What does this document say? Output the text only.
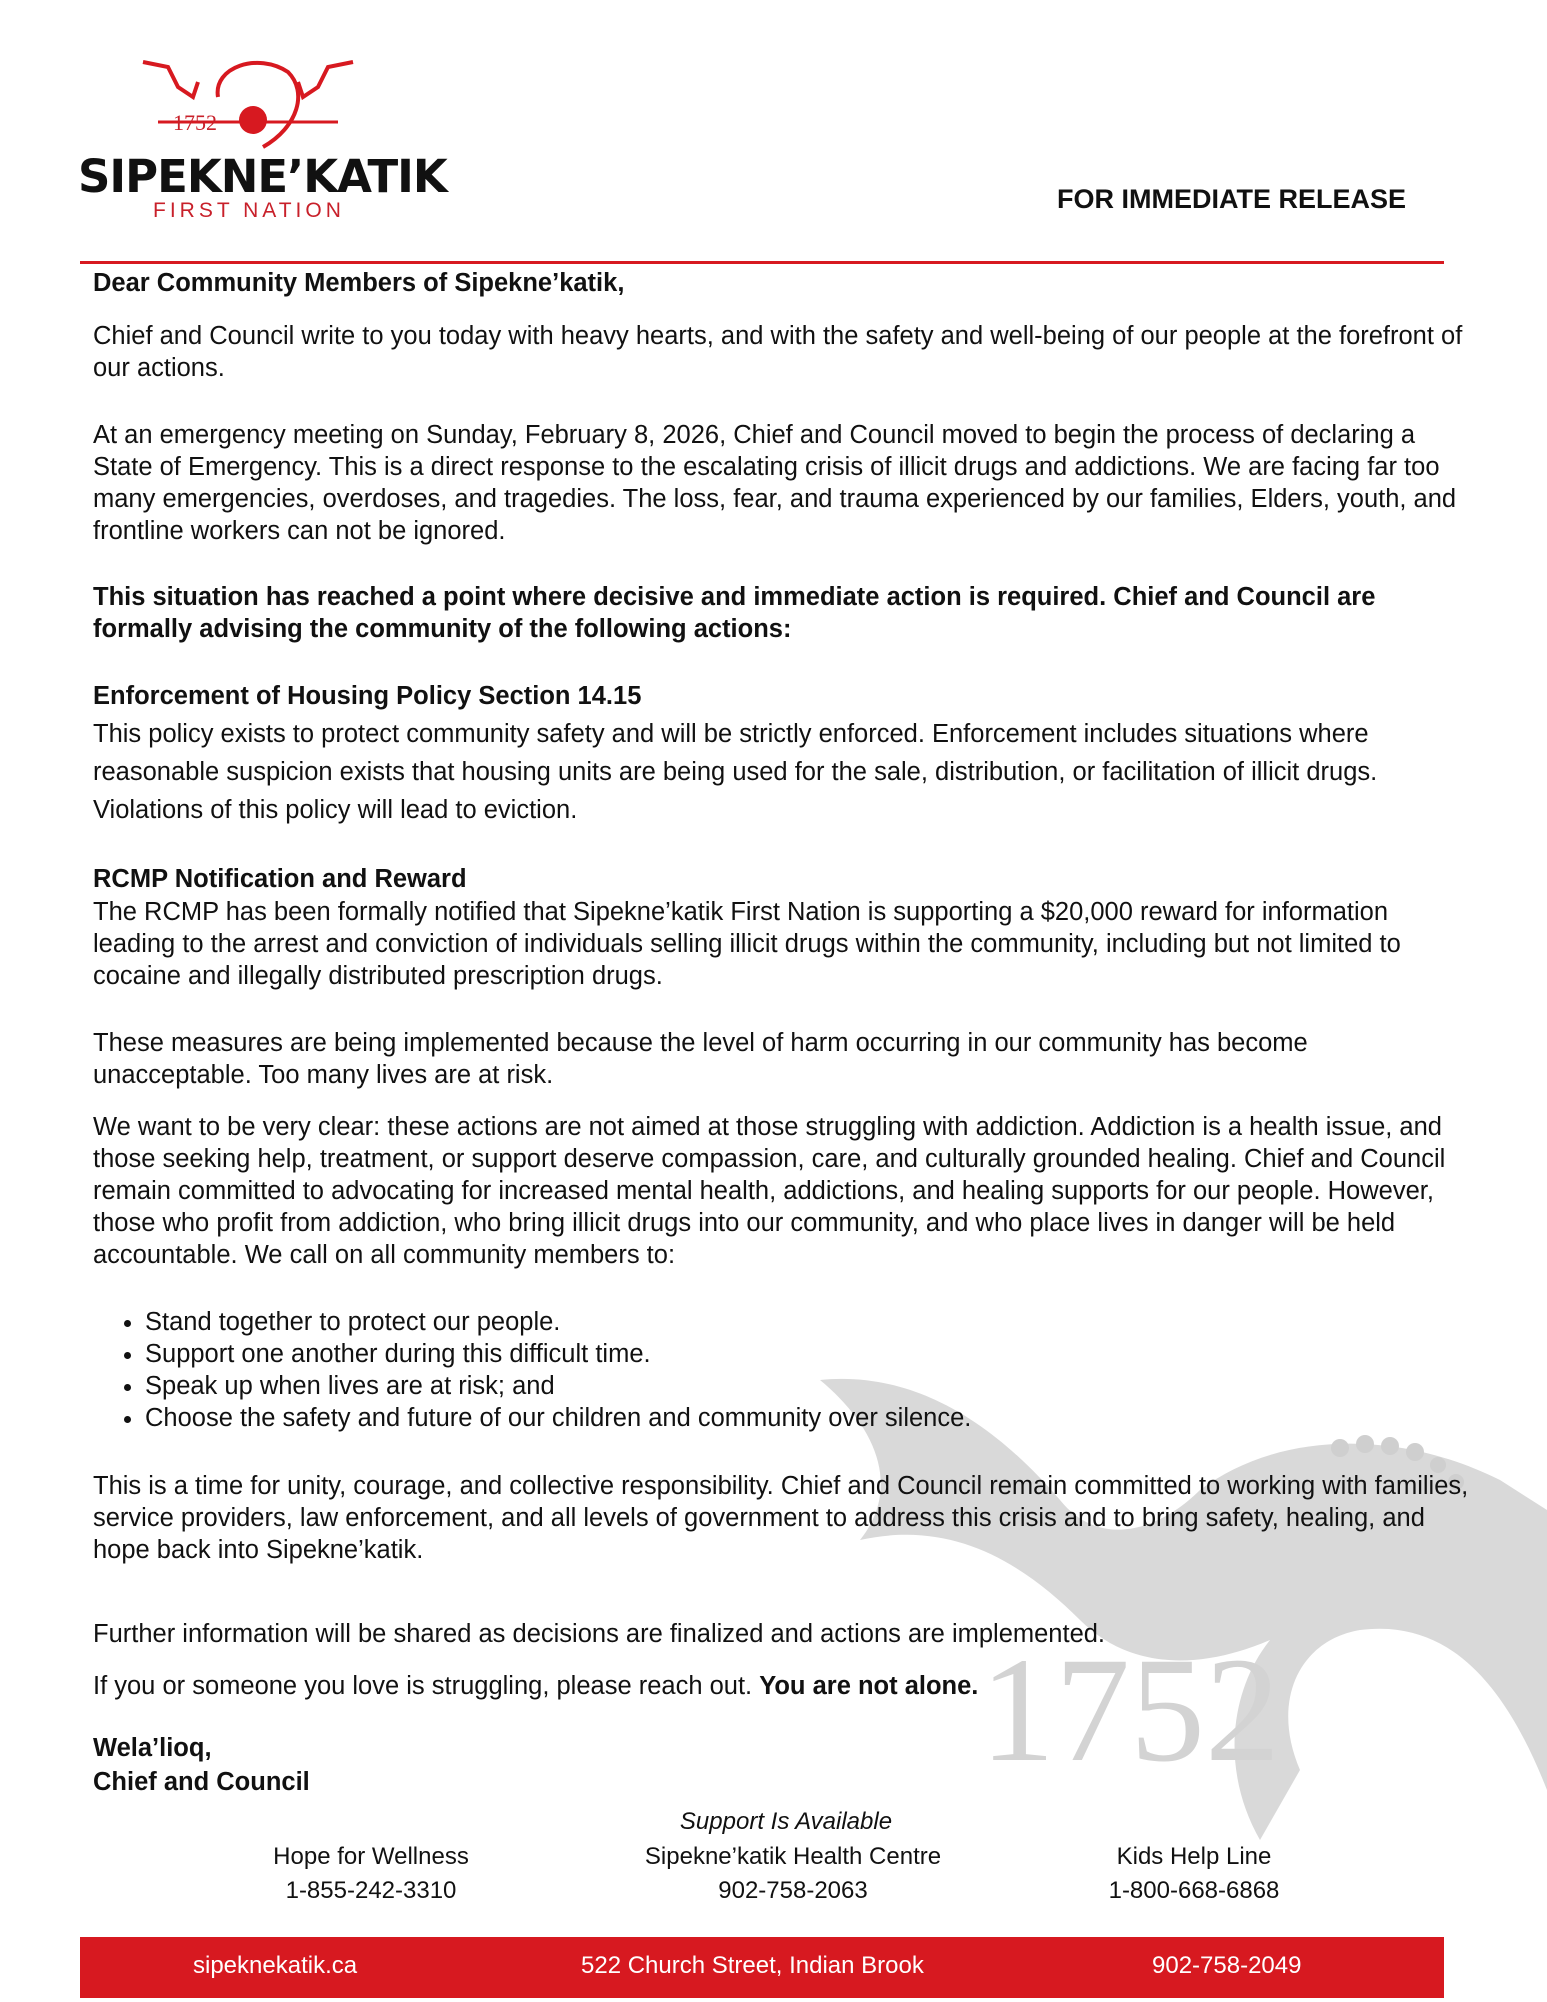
1752
1752
SIPEKNE’KATIK
FIRST NATION	FOR IMMEDIATE RELEASE

Dear Community Members of Sipekne’katik,

Chief and Council write to you today with heavy hearts, and with the safety and well-being of our people at the forefront of our actions.

At an emergency meeting on Sunday, February 8, 2026, Chief and Council moved to begin the process of declaring a State of Emergency. This is a direct response to the escalating crisis of illicit drugs and addictions. We are facing far too many emergencies, overdoses, and tragedies. The loss, fear, and trauma experienced by our families, Elders, youth, and frontline workers can not be ignored.

This situation has reached a point where decisive and immediate action is required. Chief and Council are formally advising the community of the following actions:

Enforcement of Housing Policy Section 14.15

This policy exists to protect community safety and will be strictly enforced. Enforcement includes situations where reasonable suspicion exists that housing units are being used for the sale, distribution, or facilitation of illicit drugs. Violations of this policy will lead to eviction.

RCMP Notification and Reward

The RCMP has been formally notified that Sipekne’katik First Nation is supporting a $20,000 reward for information leading to the arrest and conviction of individuals selling illicit drugs within the community, including but not limited to cocaine and illegally distributed prescription drugs.

These measures are being implemented because the level of harm occurring in our community has become unacceptable. Too many lives are at risk.

We want to be very clear: these actions are not aimed at those struggling with addiction. Addiction is a health issue, and those seeking help, treatment, or support deserve compassion, care, and culturally grounded healing. Chief and Council remain committed to advocating for increased mental health, addictions, and healing supports for our people. However, those who profit from addiction, who bring illicit drugs into our community, and who place lives in danger will be held accountable. We call on all community members to:

• Stand together to protect our people.
• Support one another during this difficult time.
• Speak up when lives are at risk; and
• Choose the safety and future of our children and community over silence.

This is a time for unity, courage, and collective responsibility. Chief and Council remain committed to working with families, service providers, law enforcement, and all levels of government to address this crisis and to bring safety, healing, and hope back into Sipekne’katik.

Further information will be shared as decisions are finalized and actions are implemented.

If you or someone you love is struggling, please reach out. You are not alone.

Wela’lioq,

Chief and Council

Support Is Available
Hope for Wellness
1-855-242-3310
Sipekne’katik Health Centre
902-758-2063
Kids Help Line
1-800-668-6868
sipeknekatik.ca	522 Church Street, Indian Brook	902-758-2049
